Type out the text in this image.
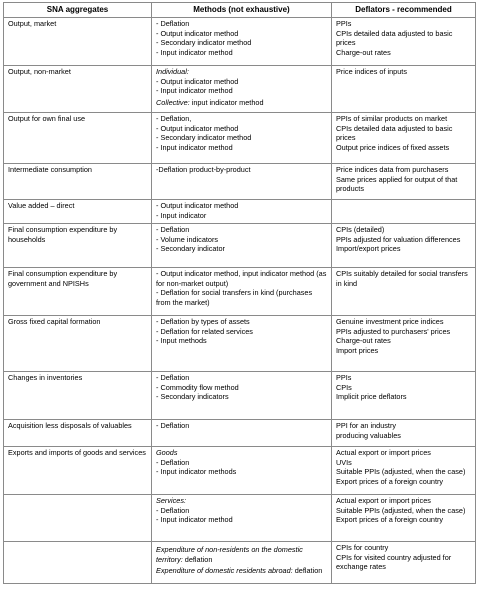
SNA aggregates	Methods (not exhaustive)	Deflators - recommended
Output, market	- Deflation
- Output indicator method
- Secondary indicator method
- Input indicator method	PPIs
CPIs detailed data adjusted to basic prices
Charge-out rates

Output, non-market	Individual:
- Output indicator method
- Input indicator method
Collective: input indicator method	Price indices of inputs

Output for own final use	- Deflation,
- Output indicator method
- Secondary indicator method
- Input indicator method	PPIs of similar products on market
CPIs detailed data adjusted to basic prices
Output price indices of fixed assets

Intermediate consumption	-Deflation product-by-product	Price indices data from purchasers
Same prices applied for output of that products

Value added – direct	- Output indicator method
- Input indicator	

Final consumption expenditure by households	- Deflation
- Volume indicators
- Secondary indicator	CPIs (detailed)
PPIs adjusted for valuation differences
Import/export prices

Final consumption expenditure by government and NPISHs	- Output indicator method, input indicator method (as for non-market output)
- Deflation for social transfers in kind (purchases from the market)	CPIs suitably detailed for social transfers in kind

Gross fixed capital formation	- Deflation by types of assets
- Deflation for related services
- Input methods	Genuine investment price indices
PPIs adjusted to purchasers' prices
Charge-out rates
Import prices

Changes in inventories	- Deflation
- Commodity flow method
- Secondary indicators	PPIs
CPIs
Implicit price deflators

Acquisition less disposals of valuables	- Deflation	PPI for an industry
producing valuables

Exports and imports of goods and services	Goods
- Deflation
- Input indicator methods	Actual export or import prices
UVIs
Suitable PPIs (adjusted, when the case)
Export prices of a foreign country

	Services:
- Deflation
- Input indicator method	Actual export or import prices
Suitable PPIs (adjusted, when the case)
Export prices of a foreign country

	Expenditure of non-residents on the domestic territory: deflation
Expenditure of domestic residents abroad: deflation	CPIs for country
CPIs for visited country adjusted for exchange rates
